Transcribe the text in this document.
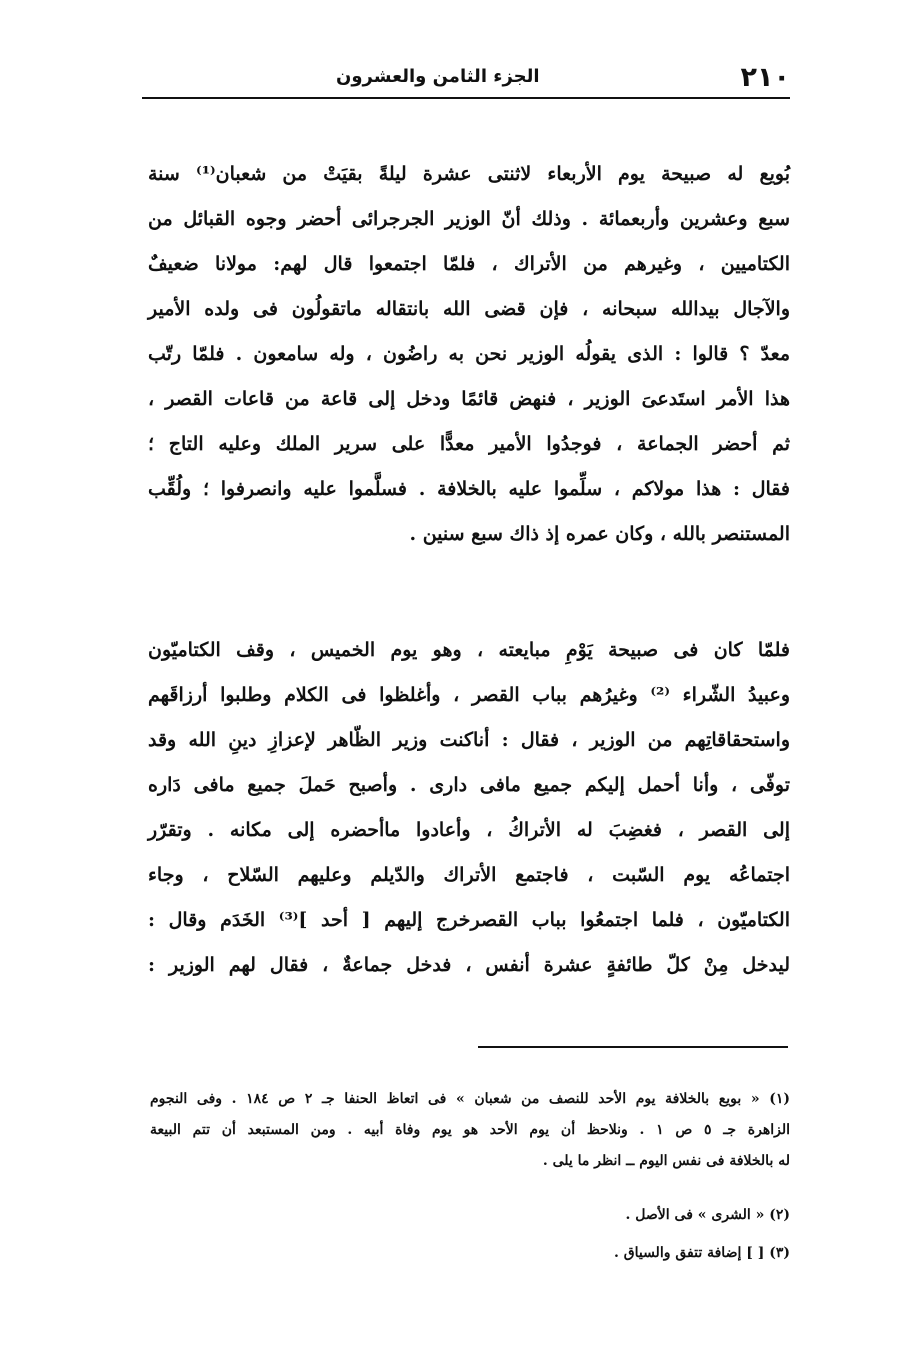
٢١٠
الجزء الثامن والعشرون
بُويع له صبيحة يوم الأربعاء لاثنتى عشرة ليلةً بقيَتْ من شعبان⁽¹⁾ سنة
سبع وعشرين وأربعمائة . وذلك أنّ الوزير الجرجرائى أحضر وجوه القبائل من
الكتاميين ، وغيرهم من الأتراك ، فلمّا اجتمعوا قال لهم: مولانا ضعيفٌ
والآجال بيدالله سبحانه ، فإن قضى الله بانتقاله ماتقولُون فى ولده الأمير
معدّ ؟ قالوا : الذى يقولُه الوزير نحن به راضُون ، وله سامعون . فلمّا رتّب
هذا الأمر استَدعىَ الوزير ، فنهض قائمًا ودخل إلى قاعة من قاعات القصر ،
ثم أحضر الجماعة ، فوجدُوا الأمير معدًّا على سرير الملك وعليه التاج ؛
فقال : هذا مولاكم ، سلِّموا عليه بالخلافة . فسلَّموا عليه وانصرفوا ؛ ولُقِّب
المستنصر بالله ، وكان عمره إذ ذاك سبع سنين .
فلمّا كان فى صبيحة يَوْمِ مبايعته ، وهو يوم الخميس ، وقف الكتاميّون
وعبيدُ الشّراء ⁽²⁾ وغيرُهم بباب القصر ، وأغلظوا فى الكلام وطلبوا أرزاقَهم
واستحقاقاتِهم من الوزير ، فقال : أناكنت وزير الظّاهر لإعزازِ دينِ الله وقد
توفّى ، وأنا أحمل إليكم جميع مافى دارى . وأصبح حَملَ جميع مافى دَاره
إلى القصر ، فغضِبَ له الأتراكُ ، وأعادوا ماأحضره إلى مكانه . وتقرّر
اجتماعُه يوم السّبت ، فاجتمع الأتراك والدّيلم وعليهم السّلاح ، وجاء
الكتاميّون ، فلما اجتمعُوا بباب القصرخرج إليهم [ أحد ]⁽³⁾ الخَدَم وقال :
ليدخل مِنْ كلّ طائفةٍ عشرة أنفس ، فدخل جماعةٌ ، فقال لهم الوزير :
(١) « بويع بالخلافة يوم الأحد للنصف من شعبان » فى اتعاظ الحنفا جـ ٢ ص ١٨٤ . وفى النجوم
الزاهرة جـ ٥ ص ١ . ونلاحظ أن يوم الأحد هو يوم وفاة أبيه . ومن المستبعد أن تتم البيعة
له بالخلافة فى نفس اليوم ــ انظر ما يلى .
(٢) « الشرى » فى الأصل .
(٣) [ ] إضافة تتفق والسياق .
